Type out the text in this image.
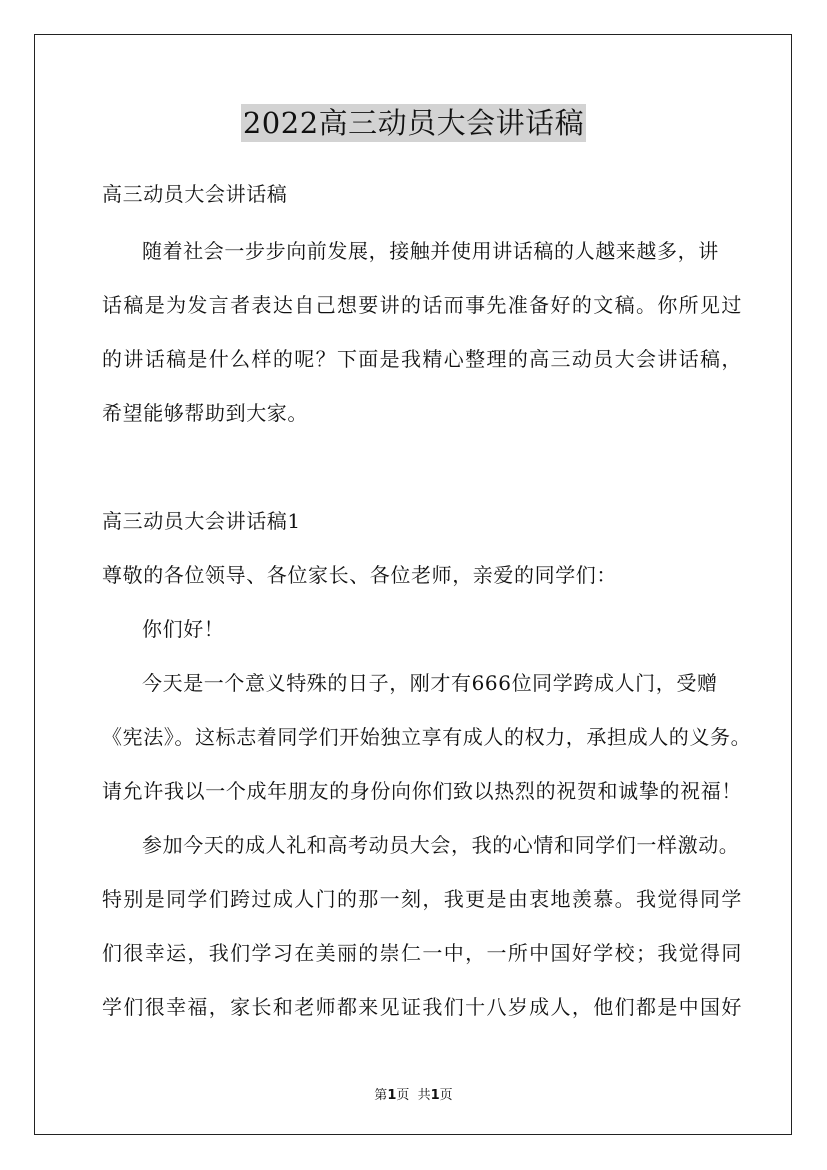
2022高三动员大会讲话稿
高三动员大会讲话稿
随着社会一步步向前发展，接触并使用讲话稿的人越来越多，讲
话稿是为发言者表达自己想要讲的话而事先准备好的文稿。你所见过
的讲话稿是什么样的呢？下面是我精心整理的高三动员大会讲话稿，
希望能够帮助到大家。
高三动员大会讲话稿1
尊敬的各位领导、各位家长、各位老师，亲爱的同学们：
你们好！
今天是一个意义特殊的日子，刚才有666位同学跨成人门，受赠
《宪法》。这标志着同学们开始独立享有成人的权力，承担成人的义务。
请允许我以一个成年朋友的身份向你们致以热烈的祝贺和诚挚的祝福！
参加今天的成人礼和高考动员大会，我的心情和同学们一样激动。
特别是同学们跨过成人门的那一刻，我更是由衷地羡慕。我觉得同学
们很幸运，我们学习在美丽的崇仁一中，一所中国好学校；我觉得同
学们很幸福，家长和老师都来见证我们十八岁成人，他们都是中国好
第1页  共1页
